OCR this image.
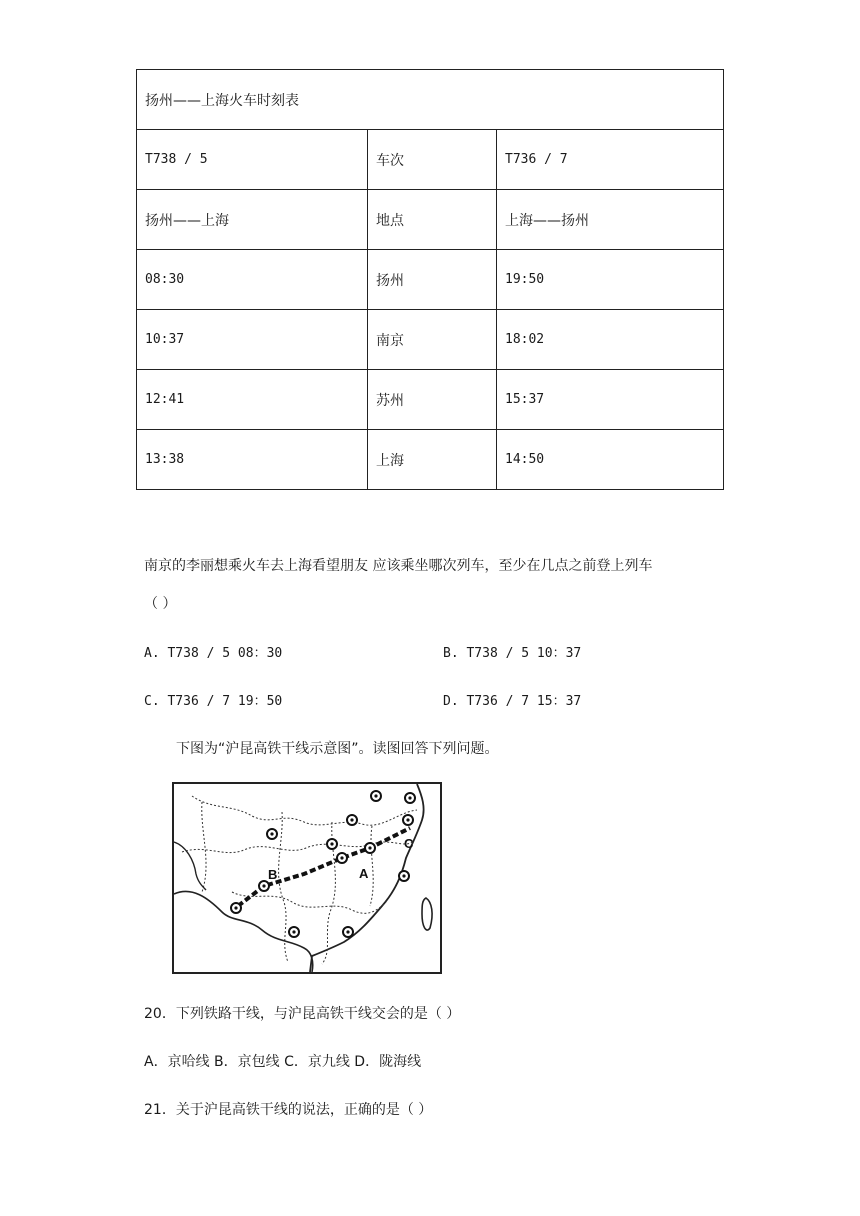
扬州——上海火车时刻表		
T738 / 5	车次	T736 / 7
扬州——上海	地点	上海——扬州
08:30	扬州	19:50
10:37	南京	18:02
12:41	苏州	15:37
13:38	上海	14:50
南京的李丽想乘火车去上海看望朋友 应该乘坐哪次列车，至少在几点之前登上列车
（ ）
A. T738 / 5 08：30	B. T738 / 5 10：37
C. T736 / 7 19：50	D. T736 / 7 15：37
下图为“沪昆高铁干线示意图”。读图回答下列问题。
A
B
C
20．下列铁路干线，与沪昆高铁干线交会的是（ ）
A．京哈线 B．京包线 C．京九线 D．陇海线
21．关于沪昆高铁干线的说法，正确的是（ ）
